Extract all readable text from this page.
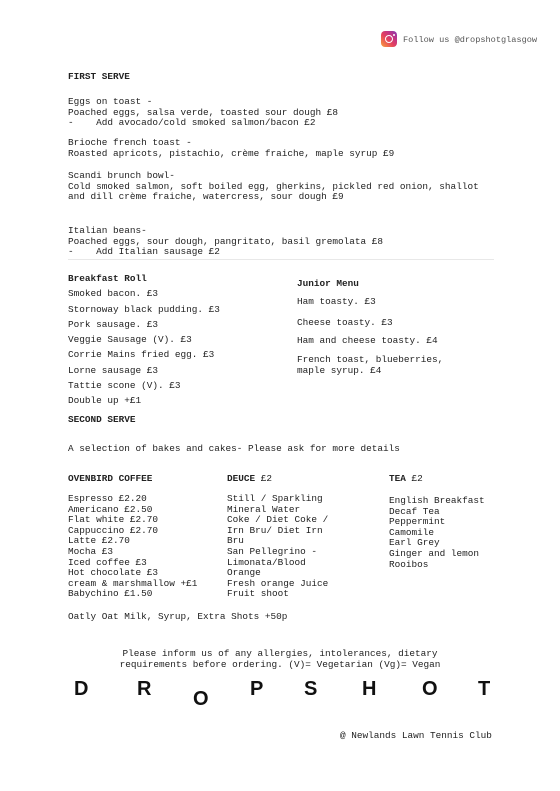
Follow us @dropshotglasgow
FIRST SERVE
Eggs on toast -
Poached eggs, salsa verde, toasted sour dough £8
-    Add avocado/cold smoked salmon/bacon £2
Brioche french toast -
Roasted apricots, pistachio, crème fraiche, maple syrup £9
Scandi brunch bowl-
Cold smoked salmon, soft boiled egg, gherkins, pickled red onion, shallot
and dill crème fraiche, watercress, sour dough £9
Italian beans-
Poached eggs, sour dough, pangritato, basil gremolata £8
-    Add Italian sausage £2
Breakfast Roll
Smoked bacon. £3
Stornoway black pudding. £3
Pork sausage. £3
Veggie Sausage (V). £3
Corrie Mains fried egg. £3
Lorne sausage £3
Tattie scone (V). £3
Double up +£1
Junior Menu
Ham toasty. £3
Cheese toasty. £3
Ham and cheese toasty. £4
French toast, blueberries, maple syrup. £4
SECOND SERVE
A selection of bakes and cakes- Please ask for more details
OVENBIRD COFFEE
Espresso £2.20
Americano £2.50
Flat white £2.70
Cappuccino £2.70
Latte £2.70
Mocha £3
Iced coffee £3
Hot chocolate £3
cream & marshmallow +£1
Babychino £1.50
DEUCE £2
Still / Sparkling
Mineral Water
Coke / Diet Coke /
Irn Bru/ Diet Irn
Bru
San Pellegrino -
Limonata/Blood
Orange
Fresh orange Juice
Fruit shoot
TEA £2
English Breakfast
Decaf Tea
Peppermint
Camomile
Earl Grey
Ginger and lemon
Rooibos
Oatly Oat Milk, Syrup, Extra Shots +50p
Please inform us of any allergies, intolerances, dietary
requirements before ordering. (V)= Vegetarian (Vg)= Vegan
D R O P S H O T
@ Newlands Lawn Tennis Club
